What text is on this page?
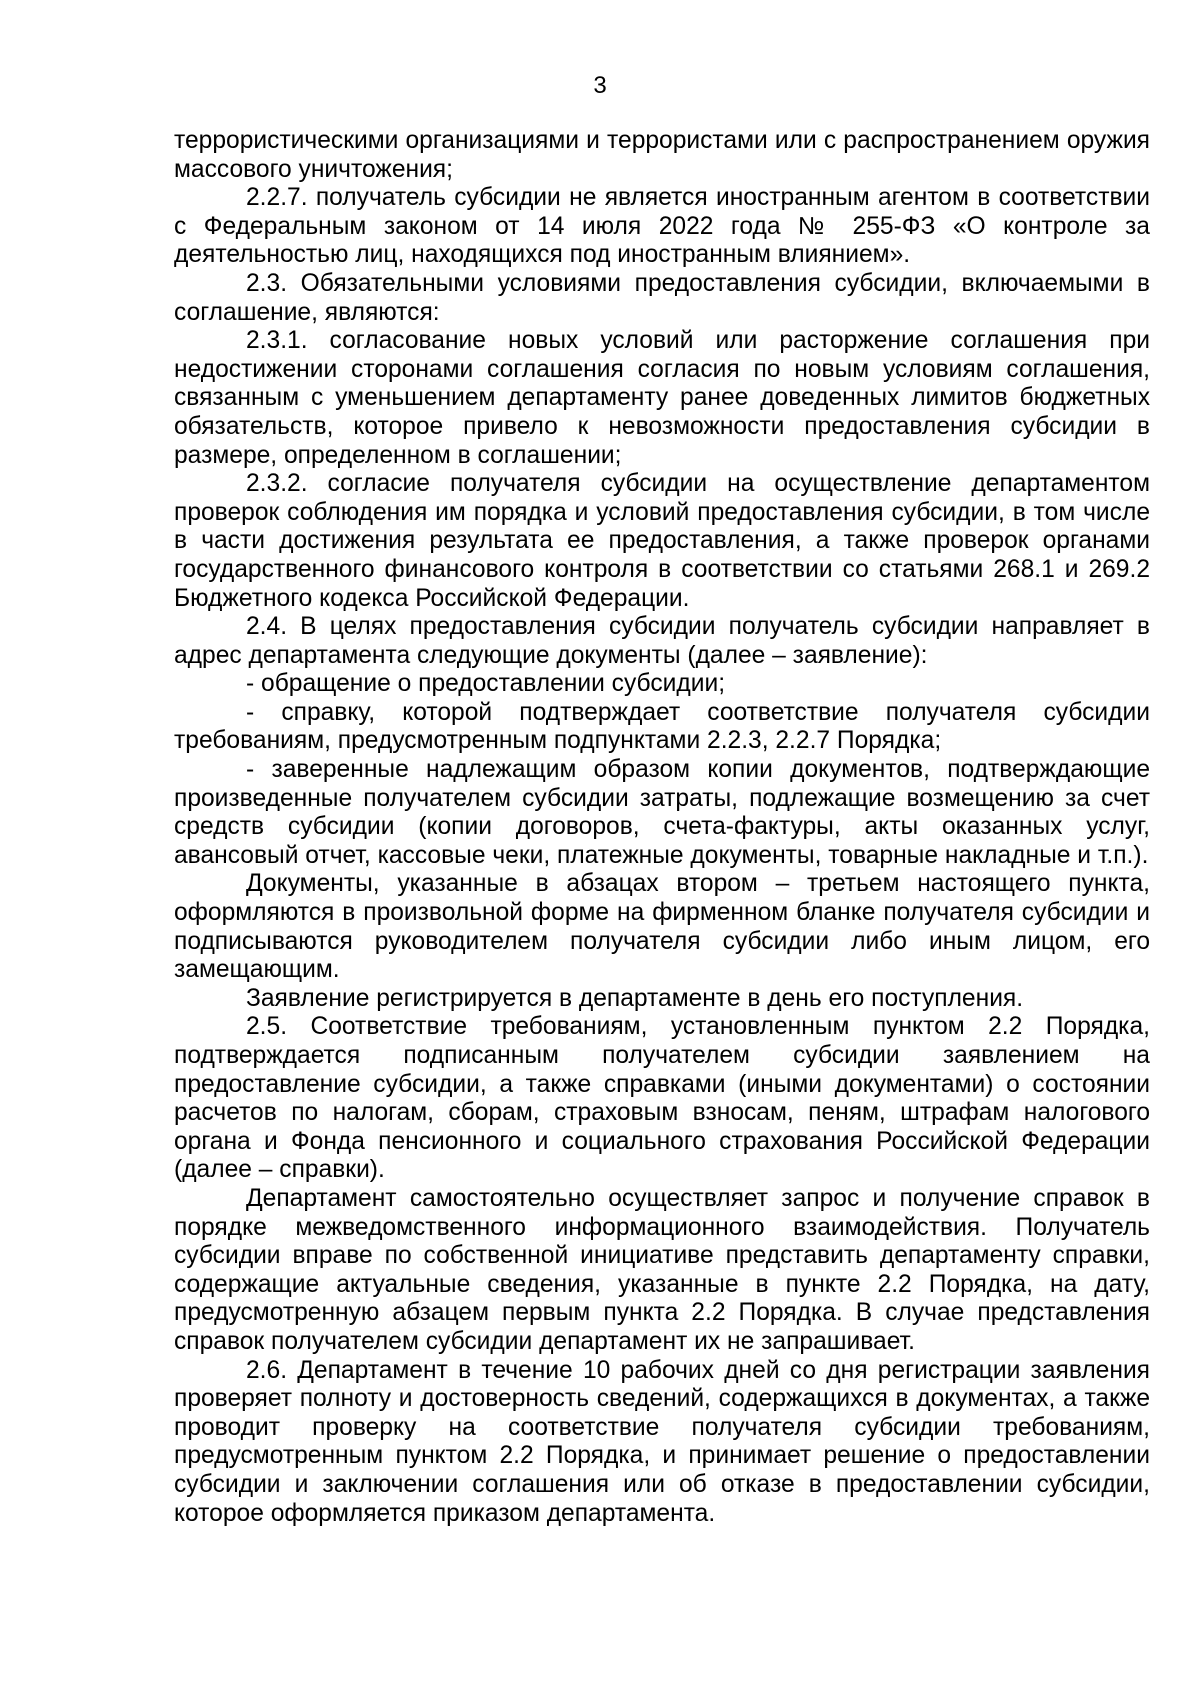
3

террористическими организациями и террористами или с распространением оружия массового уничтожения;

2.2.7. получатель субсидии не является иностранным агентом в соответствии с Федеральным законом от 14 июля 2022 года № 255-ФЗ «О контроле за деятельностью лиц, находящихся под иностранным влиянием».

2.3. Обязательными условиями предоставления субсидии, включаемыми в соглашение, являются:

2.3.1. согласование новых условий или расторжение соглашения при недостижении сторонами соглашения согласия по новым условиям соглашения, связанным с уменьшением департаменту ранее доведенных лимитов бюджетных обязательств, которое привело к невозможности предоставления субсидии в размере, определенном в соглашении;

2.3.2. согласие получателя субсидии на осуществление департаментом проверок соблюдения им порядка и условий предоставления субсидии, в том числе в части достижения результата ее предоставления, а также проверок органами государственного финансового контроля в соответствии со статьями 268.1 и 269.2 Бюджетного кодекса Российской Федерации.

2.4. В целях предоставления субсидии получатель субсидии направляет в адрес департамента следующие документы (далее – заявление):

- обращение о предоставлении субсидии;

- справку, которой подтверждает соответствие получателя субсидии требованиям, предусмотренным подпунктами 2.2.3, 2.2.7 Порядка;

- заверенные надлежащим образом копии документов, подтверждающие произведенные получателем субсидии затраты, подлежащие возмещению за счет средств субсидии (копии договоров, счета-фактуры, акты оказанных услуг, авансовый отчет, кассовые чеки, платежные документы, товарные накладные и т.п.).

Документы, указанные в абзацах втором – третьем настоящего пункта, оформляются в произвольной форме на фирменном бланке получателя субсидии и подписываются руководителем получателя субсидии либо иным лицом, его замещающим.

Заявление регистрируется в департаменте в день его поступления.

2.5. Соответствие требованиям, установленным пунктом 2.2 Порядка, подтверждается подписанным получателем субсидии заявлением на предоставление субсидии, а также справками (иными документами) о состоянии расчетов по налогам, сборам, страховым взносам, пеням, штрафам налогового органа и Фонда пенсионного и социального страхования Российской Федерации (далее – справки).

Департамент самостоятельно осуществляет запрос и получение справок в порядке межведомственного информационного взаимодействия. Получатель субсидии вправе по собственной инициативе представить департаменту справки, содержащие актуальные сведения, указанные в пункте 2.2 Порядка, на дату, предусмотренную абзацем первым пункта 2.2 Порядка. В случае представления справок получателем субсидии департамент их не запрашивает.

2.6. Департамент в течение 10 рабочих дней со дня регистрации заявления проверяет полноту и достоверность сведений, содержащихся в документах, а также проводит проверку на соответствие получателя субсидии требованиям, предусмотренным пунктом 2.2 Порядка, и принимает решение о предоставлении субсидии и заключении соглашения или об отказе в предоставлении субсидии, которое оформляется приказом департамента.
